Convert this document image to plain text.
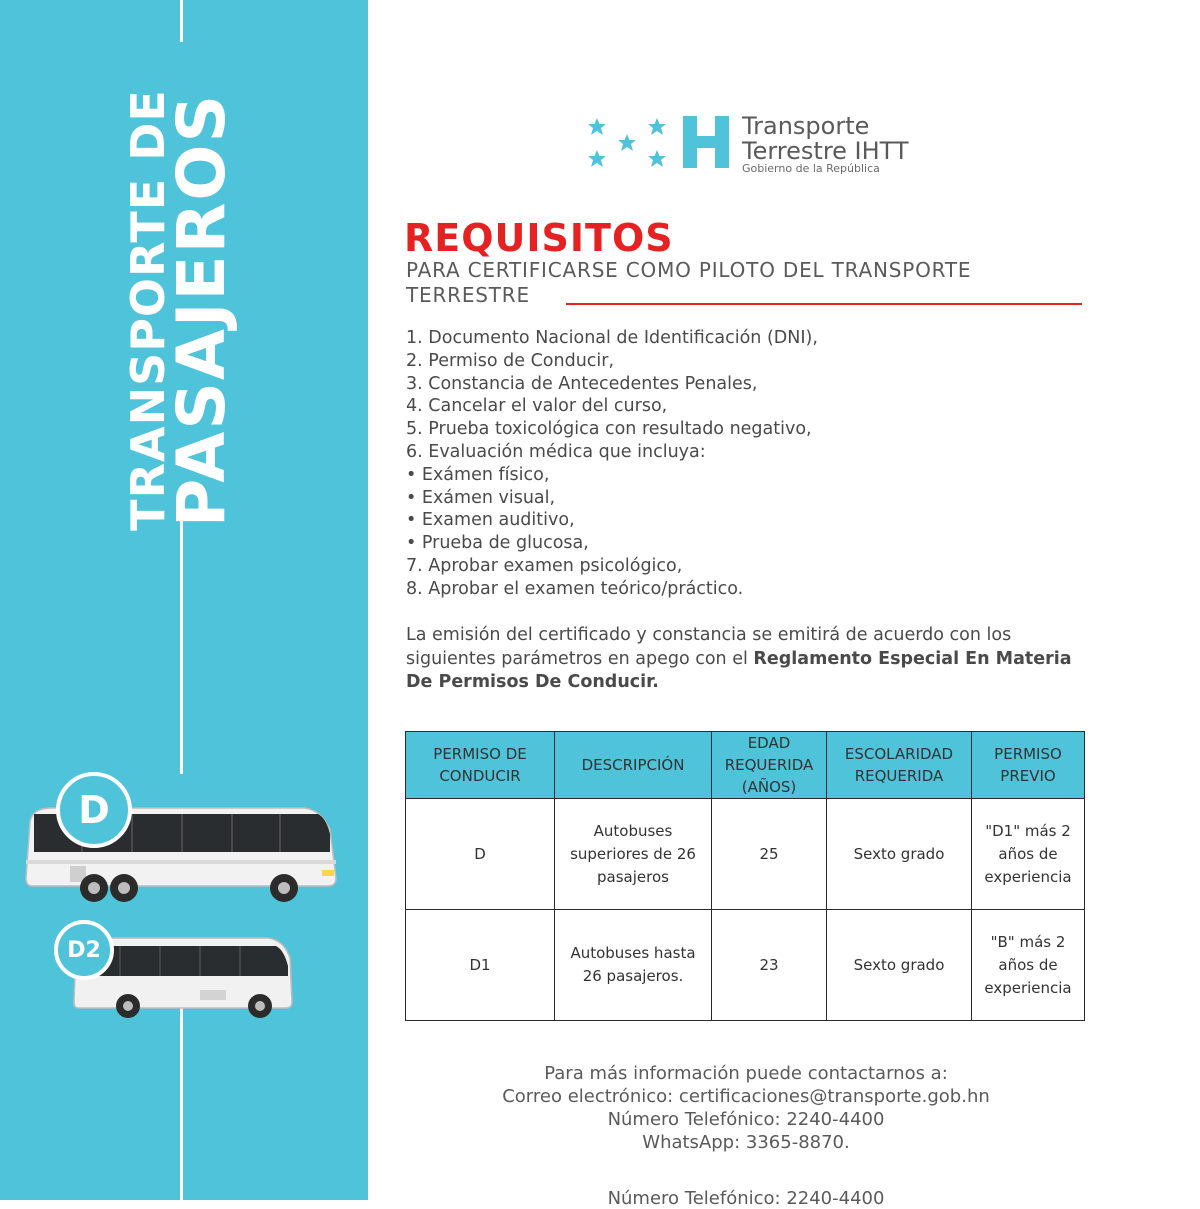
TRANSPORTE DE
PASAJEROS
D
D2
Transporte
Terrestre IHTT
Gobierno de la República
REQUISITOS
PARA CERTIFICARSE COMO PILOTO DEL TRANSPORTE
TERRESTRE
1. Documento Nacional de Identificación (DNI),
2. Permiso de Conducir,
3. Constancia de Antecedentes Penales,
4. Cancelar el valor del curso,
5. Prueba toxicológica con resultado negativo,
6. Evaluación médica que incluya:
• Exámen físico,
• Exámen visual,
• Examen auditivo,
• Prueba de glucosa,
7. Aprobar examen psicológico,
8. Aprobar el examen teórico/práctico.
La emisión del certificado y constancia se emitirá de acuerdo con los siguientes parámetros en apego con el Reglamento Especial En Materia De Permisos De Conducir.
PERMISO DE CONDUCIR	DESCRIPCIÓN	EDAD REQUERIDA (AÑOS)	ESCOLARIDAD REQUERIDA	PERMISO PREVIO
D	Autobuses superiores de 26 pasajeros	25	Sexto grado	"D1" más 2 años de experiencia
D1	Autobuses hasta 26 pasajeros.	23	Sexto grado	"B" más 2 años de experiencia
Para más información puede contactarnos a:
Correo electrónico: certificaciones@transporte.gob.hn
Número Telefónico: 2240-4400
WhatsApp: 3365-8870.
Número Telefónico: 2240-4400
